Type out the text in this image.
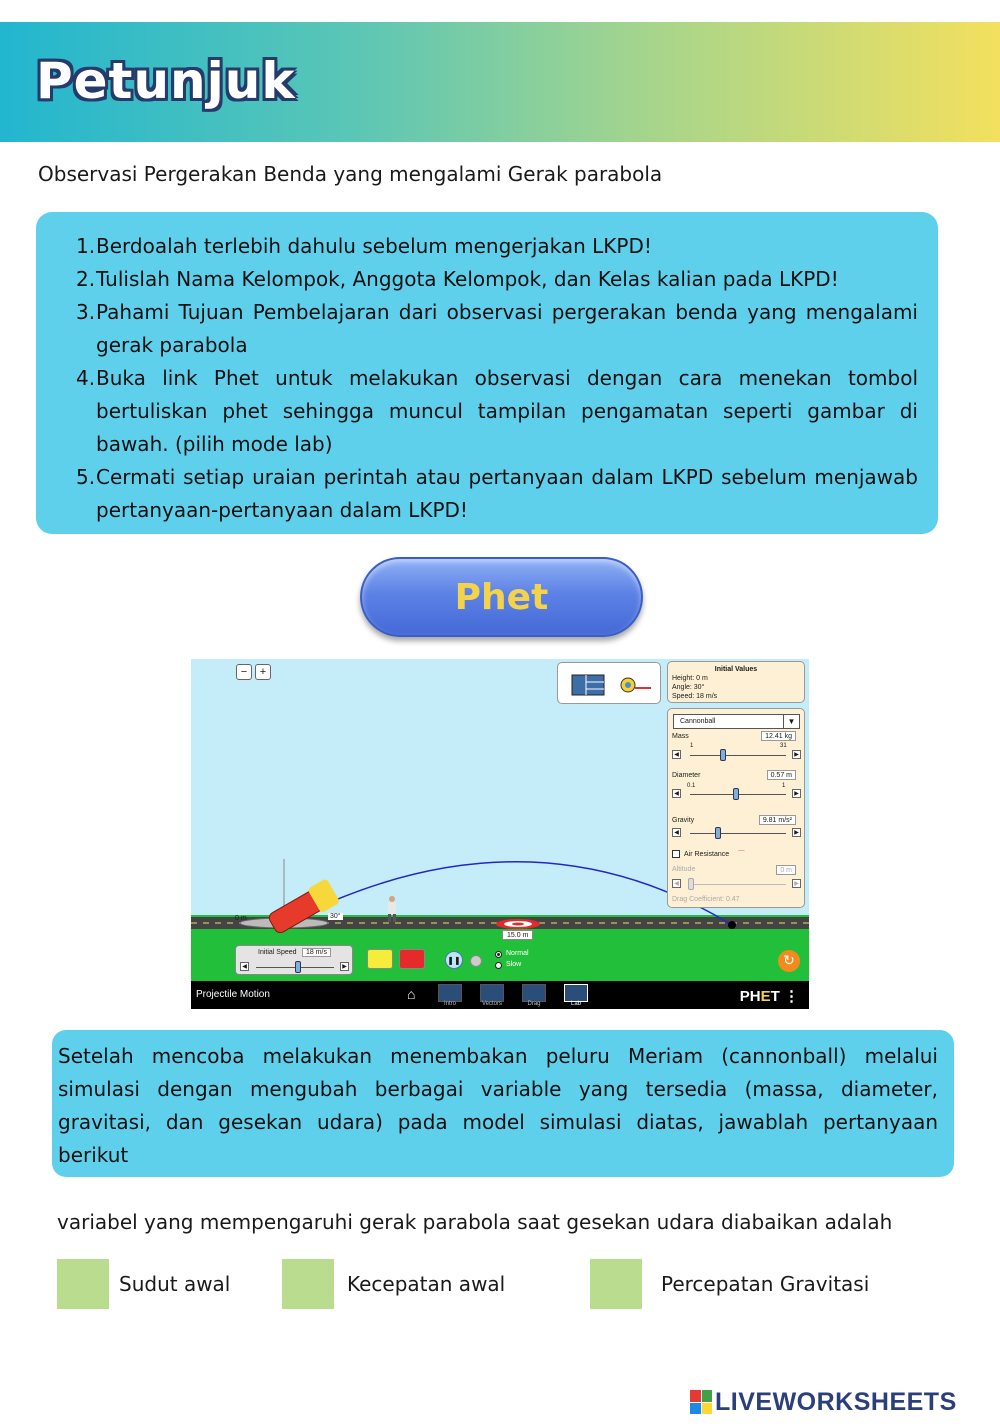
Petunjuk
Observasi Pergerakan Benda yang mengalami Gerak parabola
1. Berdoalah terlebih dahulu sebelum mengerjakan LKPD!
2. Tulislah Nama Kelompok, Anggota Kelompok, dan Kelas kalian pada LKPD!
3. Pahami Tujuan Pembelajaran dari observasi pergerakan benda yang mengalami gerak parabola
4. Buka link Phet untuk melakukan observasi dengan cara menekan tombol bertuliskan phet sehingga muncul tampilan pengamatan seperti gambar di bawah. (pilih mode lab)
5. Cermati setiap uraian perintah atau pertanyaan dalam LKPD sebelum menjawab pertanyaan-pertanyaan dalam LKPD!
Phet
−	+	Initial Values
Height: 0 m
Angle: 30°
Speed: 18 m/s
Cannonball	▼
Mass	12.41 kg
1	31
◀	▶
Diameter	0.57 m
0.1	1
◀	▶
Gravity	9.81 m/s²
◀	▶
Air Resistance ⌒
Altitude	0 m
◀	▶
Drag Coefficient: 0.47
0 m	30°
15.0 m
Initial Speed	18 m/s
◀	▶
❚❚
Normal
Slow	↻
Projectile Motion	⌂
Intro	Vectors	Drag	Lab	PHET ⋮
Setelah mencoba melakukan menembakan peluru Meriam (cannonball) melalui simulasi dengan mengubah berbagai variable yang tersedia (massa, diameter, gravitasi, dan gesekan udara) pada model simulasi diatas, jawablah pertanyaan berikut
variabel yang mempengaruhi gerak parabola saat gesekan udara diabaikan adalah
Sudut awal	Kecepatan awal	Percepatan Gravitasi
LIVEWORKSHEETS
